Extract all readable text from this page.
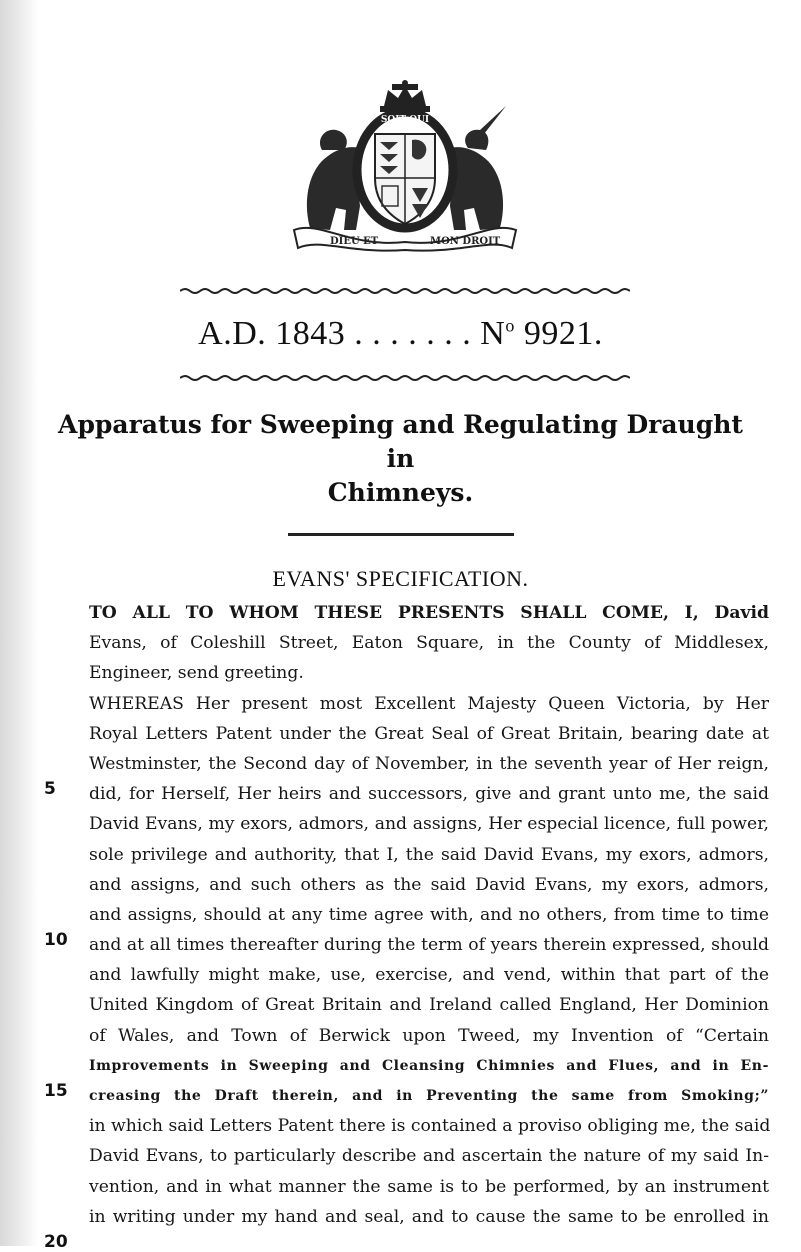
SOIT QUI
DIEU ET	MON DROIT
A.D. 1843 . . . . . . . $N^o$ 9921.
Apparatus for Sweeping and Regulating Draught in
Chimneys.
EVANS' SPECIFICATION.
5
10
15
20
TO ALL TO WHOM THESE PRESENTS SHALL COME, I, David
Evans, of Coleshill Street, Eaton Square, in the County of Middlesex,
Engineer, send greeting.
WHEREAS Her present most Excellent Majesty Queen Victoria, by Her
Royal Letters Patent under the Great Seal of Great Britain, bearing date at
Westminster, the Second day of November, in the seventh year of Her reign,
did, for Herself, Her heirs and successors, give and grant unto me, the said
David Evans, my exors, admors, and assigns, Her especial licence, full power,
sole privilege and authority, that I, the said David Evans, my exors, admors,
and assigns, and such others as the said David Evans, my exors, admors,
and assigns, should at any time agree with, and no others, from time to time
and at all times thereafter during the term of years therein expressed, should
and lawfully might make, use, exercise, and vend, within that part of the
United Kingdom of Great Britain and Ireland called England, Her Dominion
of Wales, and Town of Berwick upon Tweed, my Invention of “Certain
Improvements in Sweeping and Cleansing Chimnies and Flues, and in En-
creasing the Draft therein, and in Preventing the same from Smoking;”
in which said Letters Patent there is contained a proviso obliging me, the said
David Evans, to particularly describe and ascertain the nature of my said In-
vention, and in what manner the same is to be performed, by an instrument
in writing under my hand and seal, and to cause the same to be enrolled in
